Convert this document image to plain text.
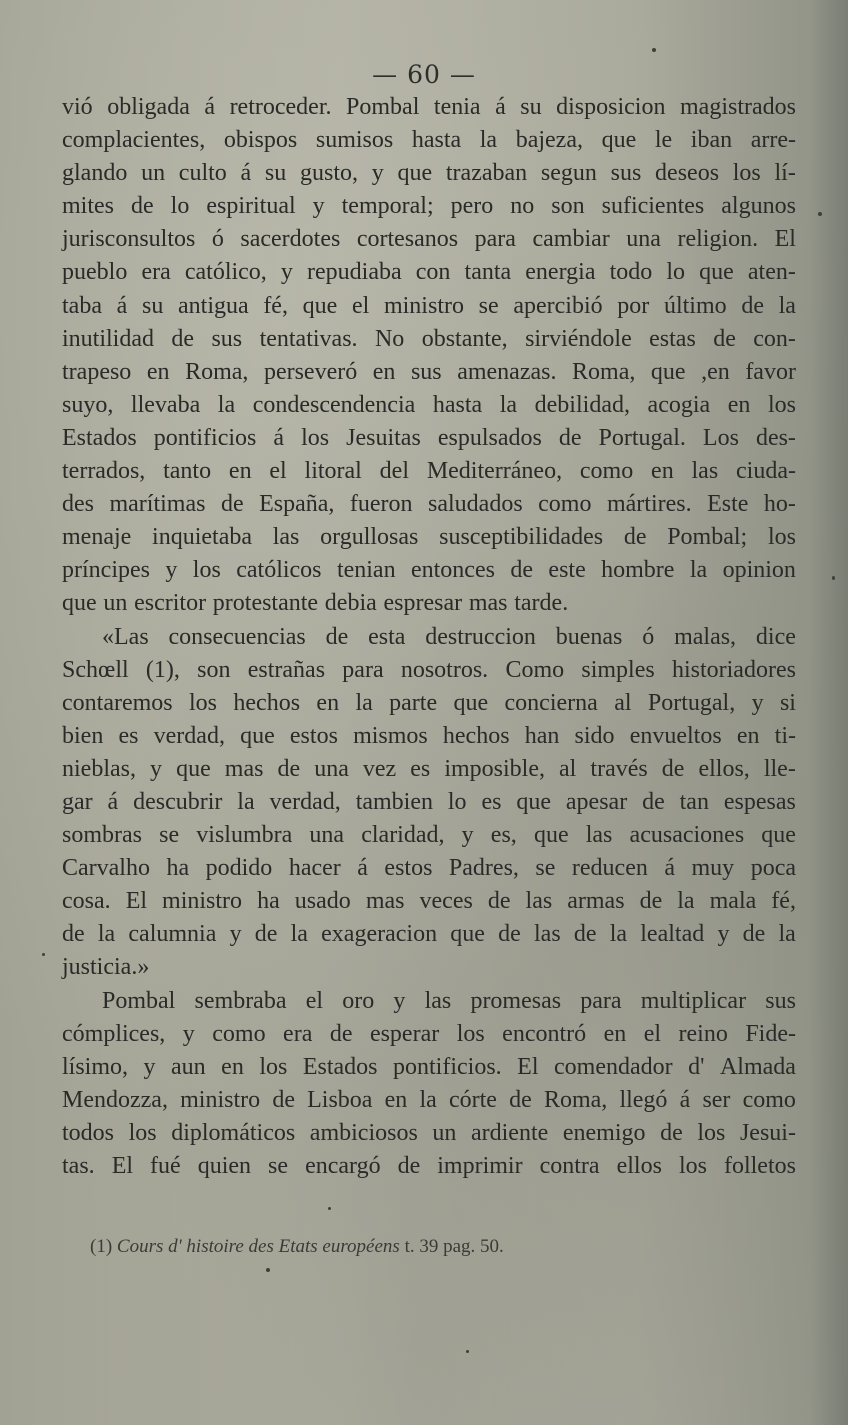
— 60 —
vió obligada á retroceder. Pombal tenia á su disposicion magistrados
complacientes, obispos sumisos hasta la bajeza, que le iban arre-
glando un culto á su gusto, y que trazaban segun sus deseos los lí-
mites de lo espiritual y temporal; pero no son suficientes algunos
jurisconsultos ó sacerdotes cortesanos para cambiar una religion. El
pueblo era católico, y repudiaba con tanta energia todo lo que aten-
taba á su antigua fé, que el ministro se apercibió por último de la
inutilidad de sus tentativas. No obstante, sirviéndole estas de con-
trapeso en Roma, perseveró en sus amenazas. Roma, que ,en favor
suyo, llevaba la condescendencia hasta la debilidad, acogia en los
Estados pontificios á los Jesuitas espulsados de Portugal. Los des-
terrados, tanto en el litoral del Mediterráneo, como en las ciuda-
des marítimas de España, fueron saludados como mártires. Este ho-
menaje inquietaba las orgullosas susceptibilidades de Pombal; los
príncipes y los católicos tenian entonces de este hombre la opinion
que un escritor protestante debia espresar mas tarde.
«Las consecuencias de esta destruccion buenas ó malas, dice
Schœll (1), son estrañas para nosotros. Como simples historiadores
contaremos los hechos en la parte que concierna al Portugal, y si
bien es verdad, que estos mismos hechos han sido envueltos en ti-
nieblas, y que mas de una vez es imposible, al través de ellos, lle-
gar á descubrir la verdad, tambien lo es que apesar de tan espesas
sombras se vislumbra una claridad, y es, que las acusaciones que
Carvalho ha podido hacer á estos Padres, se reducen á muy poca
cosa. El ministro ha usado mas veces de las armas de la mala fé,
de la calumnia y de la exageracion que de las de la lealtad y de la
justicia.»
Pombal sembraba el oro y las promesas para multiplicar sus
cómplices, y como era de esperar los encontró en el reino Fide-
lísimo, y aun en los Estados pontificios. El comendador d' Almada
Mendozza, ministro de Lisboa en la córte de Roma, llegó á ser como
todos los diplomáticos ambiciosos un ardiente enemigo de los Jesui-
tas. El fué quien se encargó de imprimir contra ellos los folletos
(1) Cours d' histoire des Etats européens t. 39 pag. 50.
